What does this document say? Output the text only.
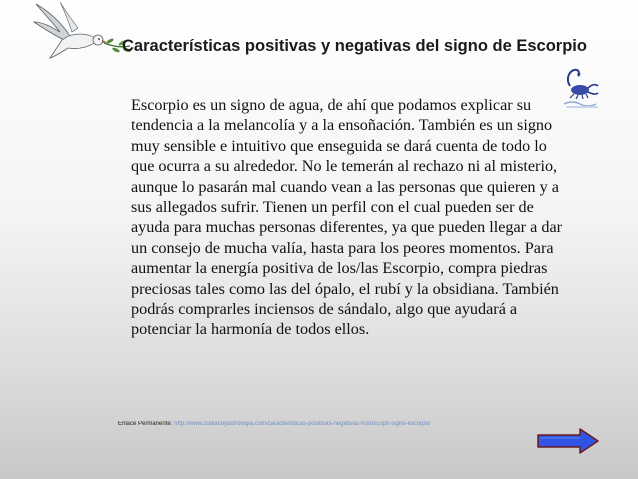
Características positivas y negativas del signo de Escorpio

Escorpio es un signo de agua, de ahí que podamos explicar su tendencia a la melancolía y a la ensoñación. También es un signo muy sensible e intuitivo que enseguida se dará cuenta de todo lo que ocurra a su alrededor. No le temerán al rechazo ni al misterio, aunque lo pasarán mal cuando vean a las personas que quieren y a sus allegados sufrir. Tienen un perfil con el cual pueden ser de ayuda para muchas personas diferentes, ya que pueden llegar a dar un consejo de mucha valía, hasta para los peores momentos. Para aumentar la energía positiva de los/las Escorpio, compra piedras preciosas tales como las del ópalo, el rubí y la obsidiana. También podrás comprarles inciensos de sándalo, algo que ayudará a potenciar la harmonía de todos ellos.

Enlace Permanente: http://www.zodiacoyastrologia.com/caracteristicas-positivas-negativas-horoscopo-signo-escorpio
